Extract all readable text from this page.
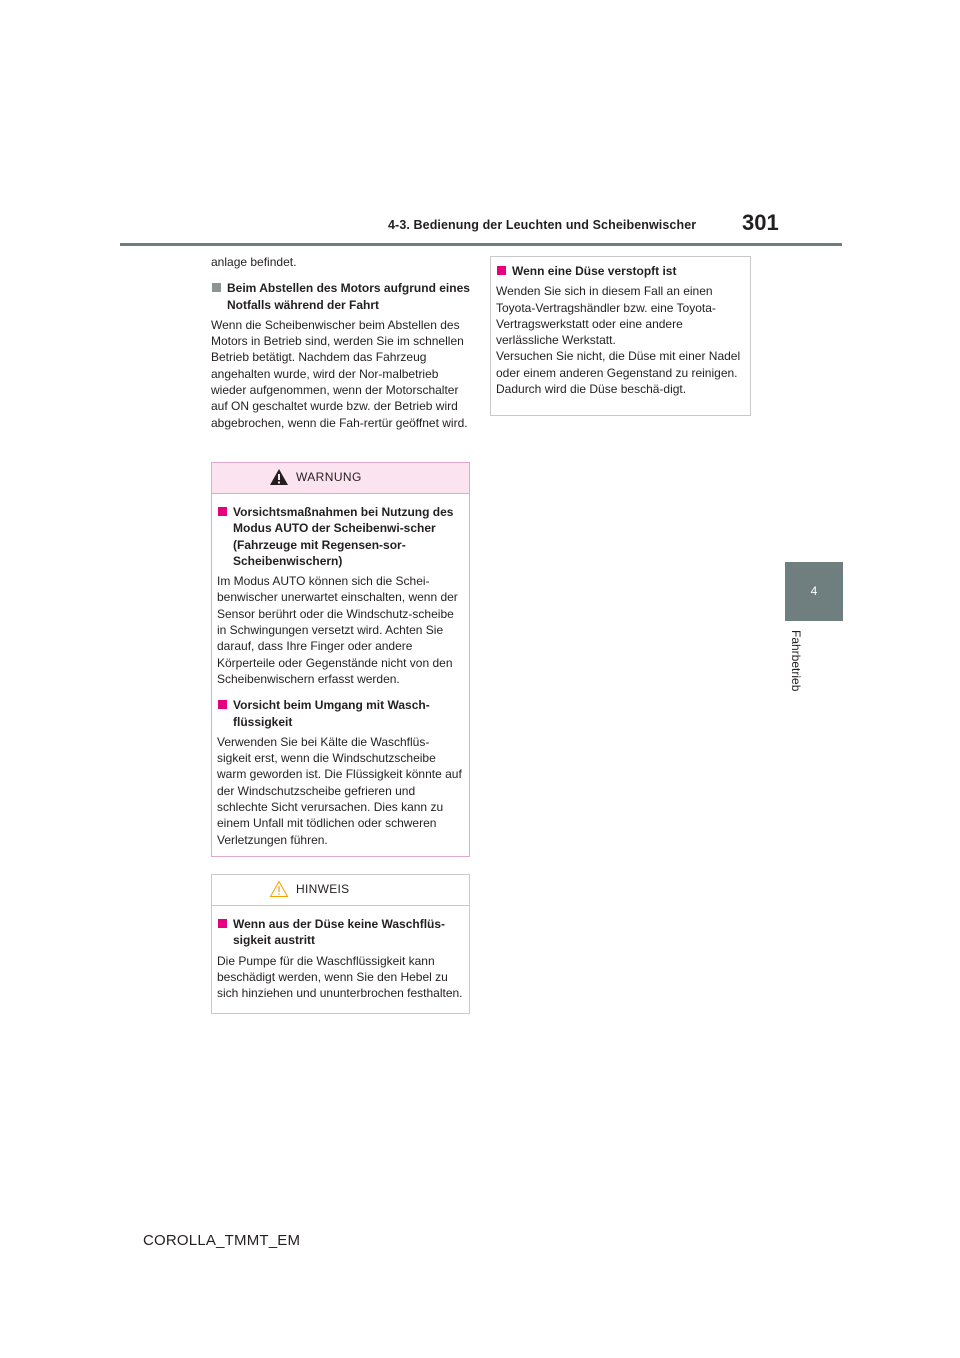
4-3. Bedienung der Leuchten und Scheibenwischer 301
4
Fahrbetrieb

anlage befindet.

Beim Abstellen des Motors aufgrund eines Notfalls während der Fahrt

Wenn die Scheibenwischer beim Abstellen des Motors in Betrieb sind, werden Sie im schnellen Betrieb betätigt. Nachdem das Fahrzeug angehalten wurde, wird der Nor-malbetrieb wieder aufgenommen, wenn der Motorschalter auf ON geschaltet wurde bzw. der Betrieb wird abgebrochen, wenn die Fah-rertür geöffnet wird.

WARNUNG

Vorsichtsmaßnahmen bei Nutzung des Modus AUTO der Scheibenwi-scher (Fahrzeuge mit Regensen-sor-Scheibenwischern)

Im Modus AUTO können sich die Schei-benwischer unerwartet einschalten, wenn der Sensor berührt oder die Windschutz-scheibe in Schwingungen versetzt wird. Achten Sie darauf, dass Ihre Finger oder andere Körperteile oder Gegenstände nicht von den Scheibenwischern erfasst werden.

Vorsicht beim Umgang mit Wasch-flüssigkeit

Verwenden Sie bei Kälte die Waschflüs-sigkeit erst, wenn die Windschutzscheibe warm geworden ist. Die Flüssigkeit könnte auf der Windschutzscheibe gefrieren und schlechte Sicht verursachen. Dies kann zu einem Unfall mit tödlichen oder schweren Verletzungen führen.

HINWEIS

Wenn aus der Düse keine Waschflüs-sigkeit austritt

Die Pumpe für die Waschflüssigkeit kann beschädigt werden, wenn Sie den Hebel zu sich hinziehen und ununterbrochen festhalten.

Wenn eine Düse verstopft ist

Wenden Sie sich in diesem Fall an einen Toyota-Vertragshändler bzw. eine Toyota-Vertragswerkstatt oder eine andere verlässliche Werkstatt.

Versuchen Sie nicht, die Düse mit einer Nadel oder einem anderen Gegenstand zu reinigen. Dadurch wird die Düse beschä-digt.

COROLLA_TMMT_EM
